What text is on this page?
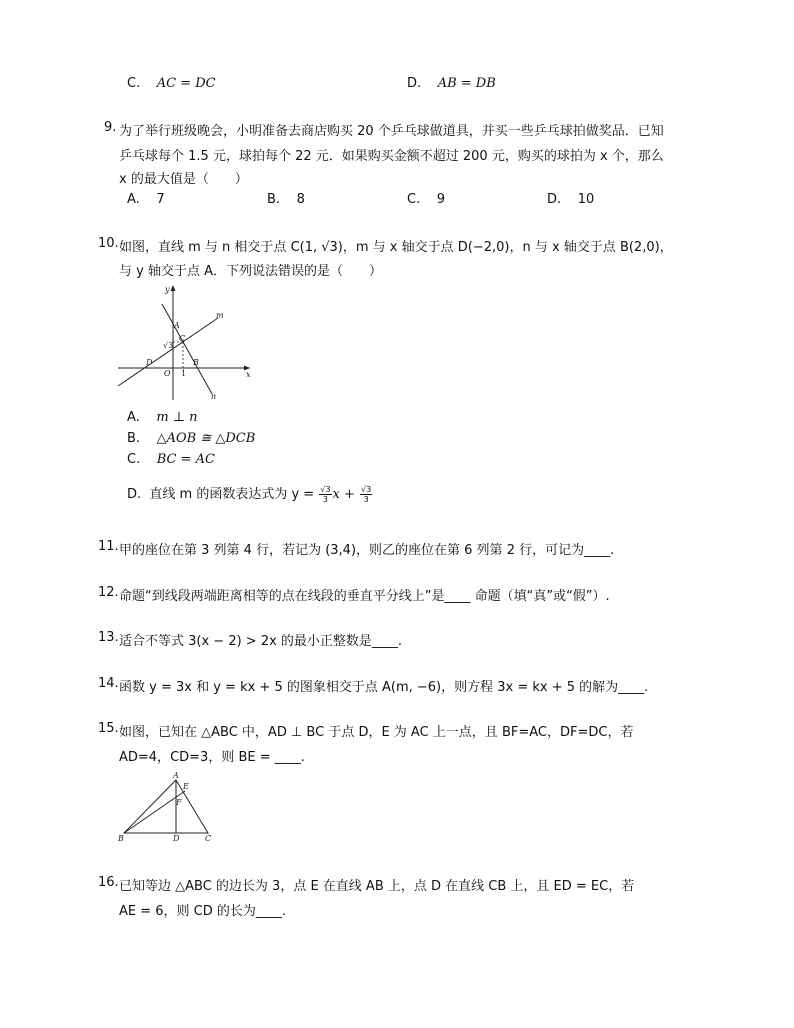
C. AC = DC	D. AB = DB
9. 为了举行班级晚会，小明准备去商店购买 20 个乒乓球做道具，并买一些乒乓球拍做奖品．已知
乒乓球每个 1.5 元，球拍每个 22 元．如果购买金额不超过 200 元，购买的球拍为 x 个，那么
x 的最大值是（　　）
A. 7	B. 8	C. 9	D. 10
10. 如图，直线 m 与 n 相交于点 C(1, √3)，m 与 x 轴交于点 D(−2,0)，n 与 x 轴交于点 B(2,0)，
与 y 轴交于点 A．下列说法错误的是（　　）
y
x
m
n
A
C
√3
D
O 1
B
A. m ⊥ n
B. △AOB ≅ △DCB
C. BC = AC
D. 直线 m 的函数表达式为 $y = \frac{√3}{3}$ $x + \frac{√3}{3}$
11. 甲的座位在第 3 列第 4 行，若记为 (3,4)，则乙的座位在第 6 列第 2 行，可记为____.
12. 命题“到线段两端距离相等的点在线段的垂直平分线上”是____ 命题（填“真”或“假”）.
13. 适合不等式 3(x − 2) > 2x 的最小正整数是____.
14. 函数 y = 3x 和 y = kx + 5 的图象相交于点 A(m, −6)，则方程 3x = kx + 5 的解为____.
15. 如图，已知在 △ABC 中，AD ⊥ BC 于点 D，E 为 AC 上一点，且 BF=AC，DF=DC，若
AD=4，CD=3，则 BE = ____.
A
E
F
B	D	C
16. 已知等边 △ABC 的边长为 3，点 E 在直线 AB 上，点 D 在直线 CB 上，且 ED = EC，若
AE = 6，则 CD 的长为____.
